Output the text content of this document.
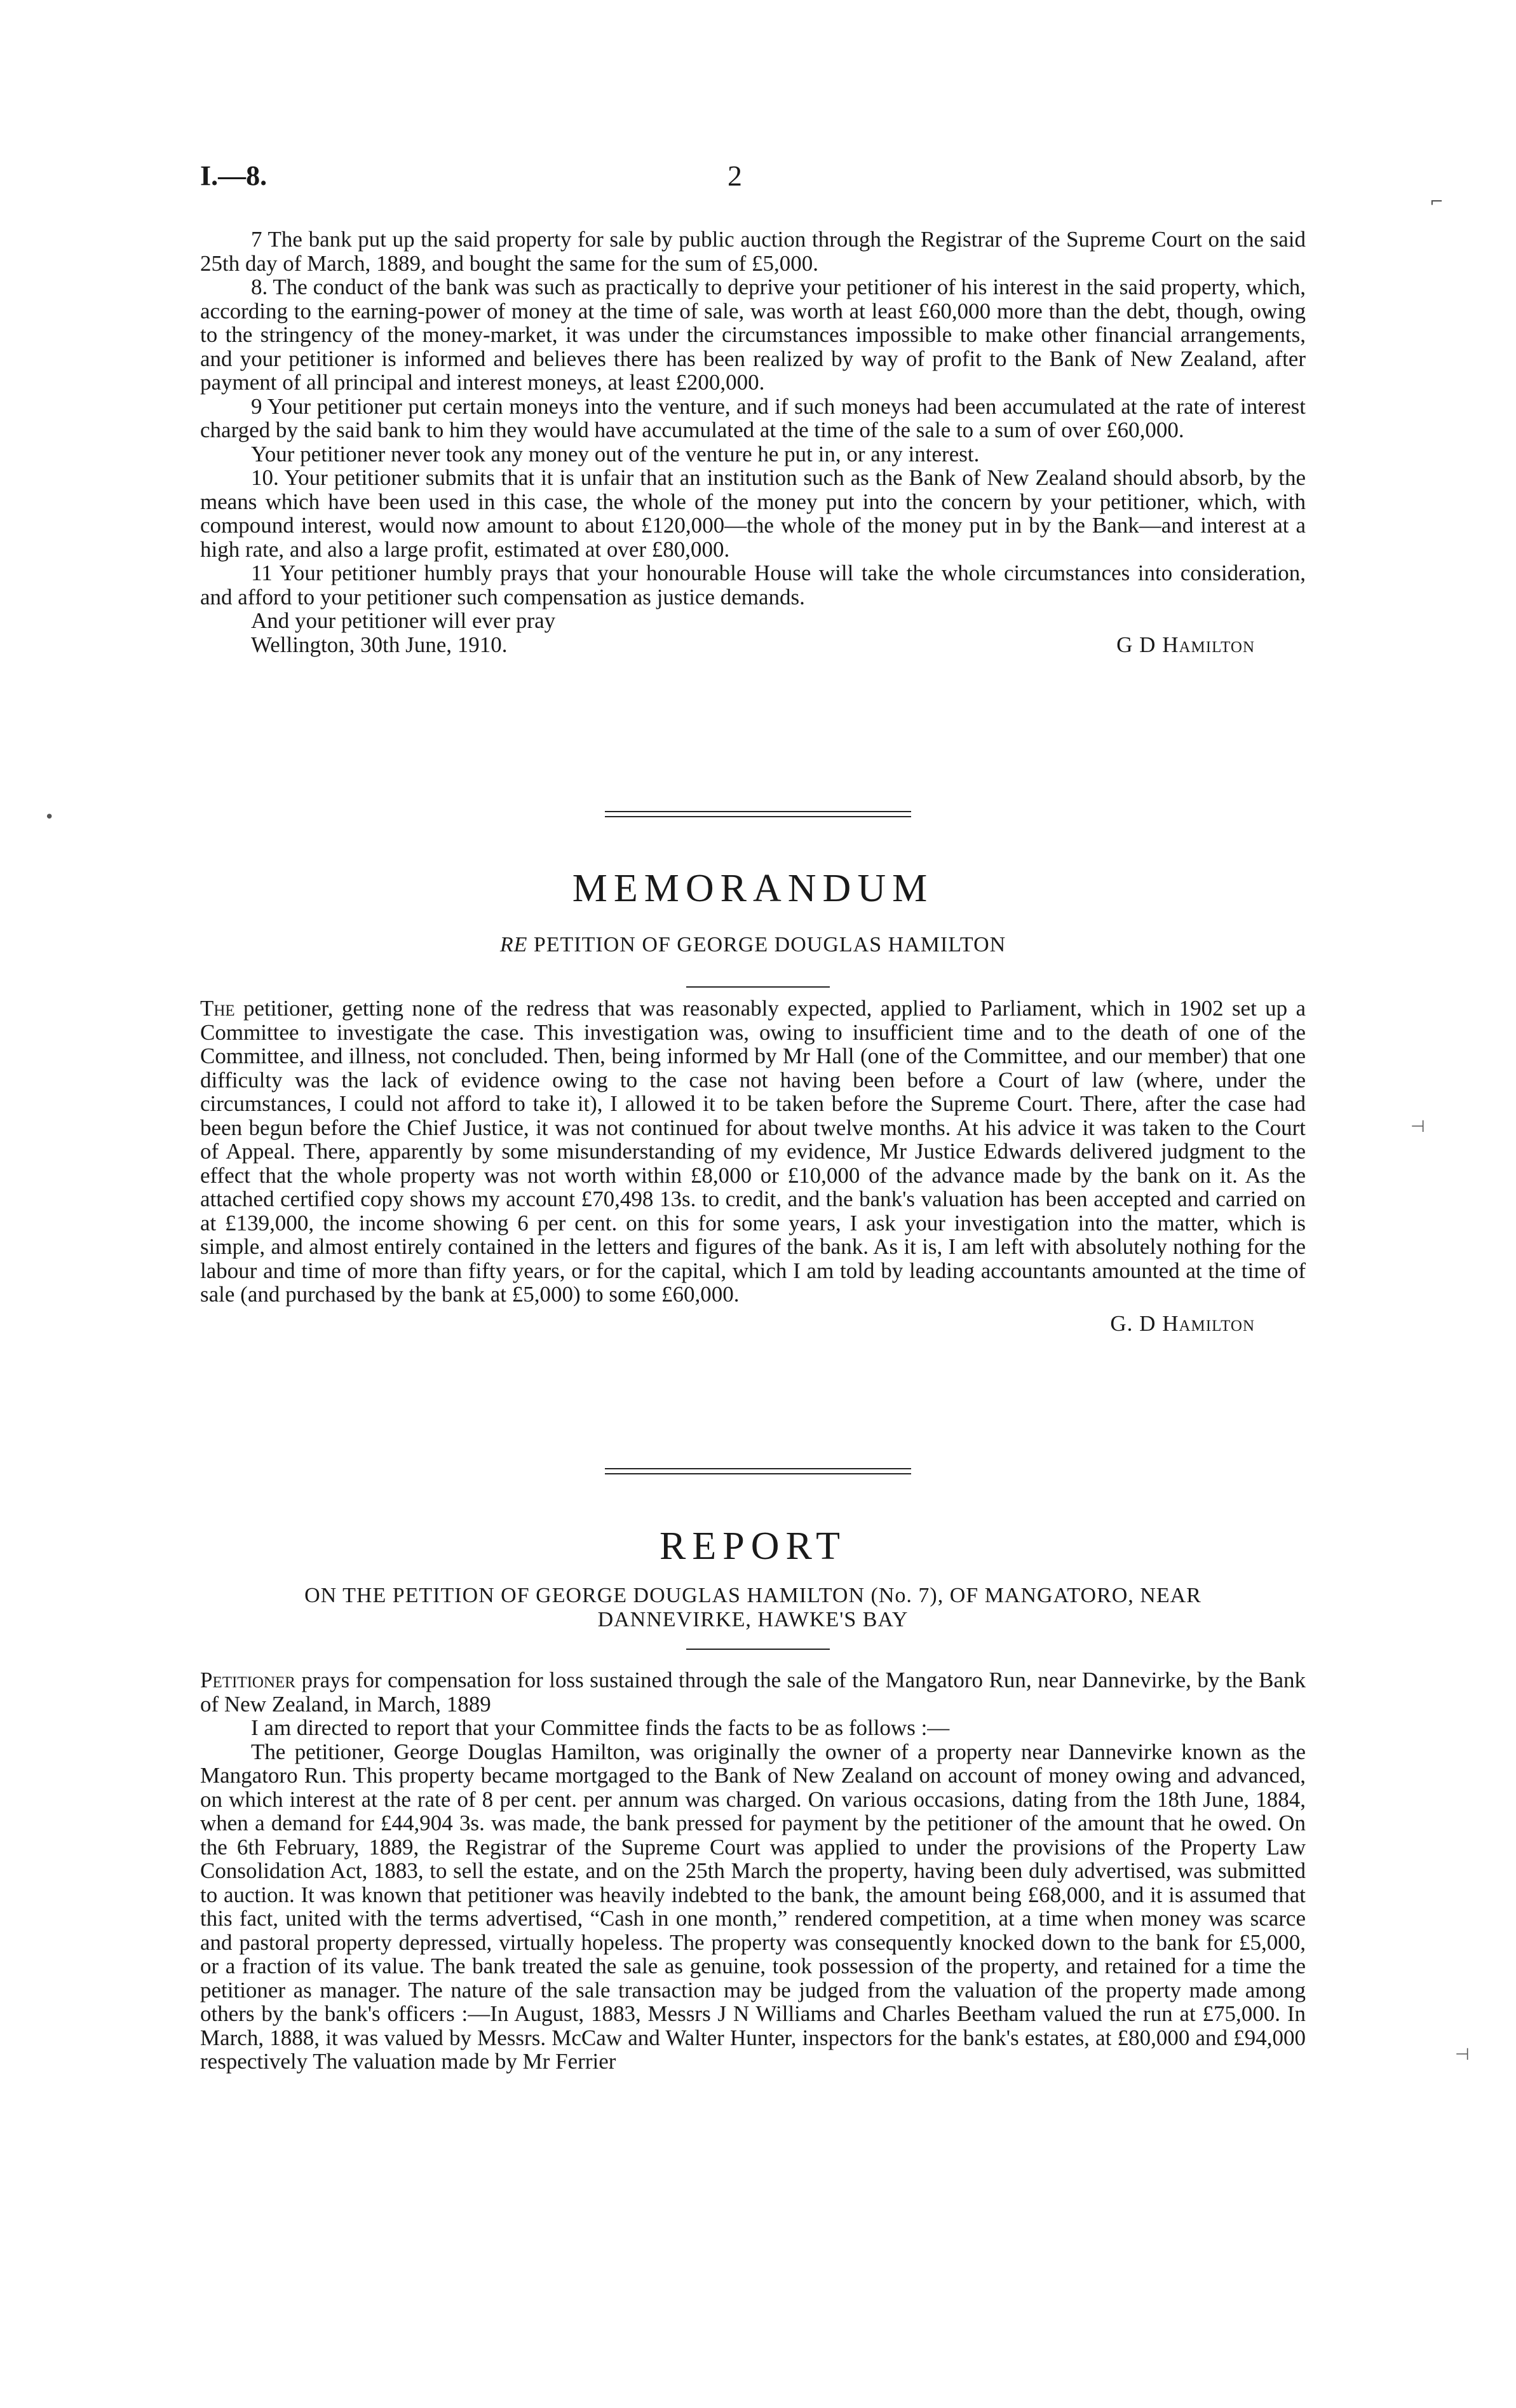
I.—8.	2

7 The bank put up the said property for sale by public auction through the Registrar of the Supreme Court on the said 25th day of March, 1889, and bought the same for the sum of £5,000.

8. The conduct of the bank was such as practically to deprive your petitioner of his interest in the said property, which, according to the earning-power of money at the time of sale, was worth at least £60,000 more than the debt, though, owing to the stringency of the money-market, it was under the circumstances impossible to make other financial arrangements, and your petitioner is informed and believes there has been realized by way of profit to the Bank of New Zealand, after payment of all principal and interest moneys, at least £200,000.

9 Your petitioner put certain moneys into the venture, and if such moneys had been accumulated at the rate of interest charged by the said bank to him they would have accumulated at the time of the sale to a sum of over £60,000.

Your petitioner never took any money out of the venture he put in, or any interest.

10. Your petitioner submits that it is unfair that an institution such as the Bank of New Zealand should absorb, by the means which have been used in this case, the whole of the money put into the concern by your petitioner, which, with compound interest, would now amount to about £120,000—the whole of the money put in by the Bank—and interest at a high rate, and also a large profit, estimated at over £80,000.

11 Your petitioner humbly prays that your honourable House will take the whole circumstances into consideration, and afford to your petitioner such compensation as justice demands.

And your petitioner will ever pray

Wellington, 30th June, 1910.	G D Hamilton
MEMORANDUM
RE PETITION OF GEORGE DOUGLAS HAMILTON

The petitioner, getting none of the redress that was reasonably expected, applied to Parliament, which in 1902 set up a Committee to investigate the case. This investigation was, owing to insufficient time and to the death of one of the Committee, and illness, not concluded. Then, being informed by Mr Hall (one of the Committee, and our member) that one difficulty was the lack of evidence owing to the case not having been before a Court of law (where, under the circumstances, I could not afford to take it), I allowed it to be taken before the Supreme Court. There, after the case had been begun before the Chief Justice, it was not continued for about twelve months. At his advice it was taken to the Court of Appeal. There, apparently by some misunderstanding of my evidence, Mr Justice Edwards delivered judgment to the effect that the whole property was not worth within £8,000 or £10,000 of the advance made by the bank on it. As the attached certified copy shows my account £70,498 13s. to credit, and the bank's valuation has been accepted and carried on at £139,000, the income showing 6 per cent. on this for some years, I ask your investigation into the matter, which is simple, and almost entirely contained in the letters and figures of the bank. As it is, I am left with absolutely nothing for the labour and time of more than fifty years, or for the capital, which I am told by leading accountants amounted at the time of sale (and purchased by the bank at £5,000) to some £60,000.

G. D Hamilton
REPORT
ON THE PETITION OF GEORGE DOUGLAS HAMILTON (No. 7), OF MANGATORO, NEAR
DANNEVIRKE, HAWKE'S BAY

Petitioner prays for compensation for loss sustained through the sale of the Mangatoro Run, near Dannevirke, by the Bank of New Zealand, in March, 1889

I am directed to report that your Committee finds the facts to be as follows :—

The petitioner, George Douglas Hamilton, was originally the owner of a property near Dannevirke known as the Mangatoro Run. This property became mortgaged to the Bank of New Zealand on account of money owing and advanced, on which interest at the rate of 8 per cent. per annum was charged. On various occasions, dating from the 18th June, 1884, when a demand for £44,904 3s. was made, the bank pressed for payment by the petitioner of the amount that he owed. On the 6th February, 1889, the Registrar of the Supreme Court was applied to under the provisions of the Property Law Consolidation Act, 1883, to sell the estate, and on the 25th March the property, having been duly advertised, was submitted to auction. It was known that petitioner was heavily indebted to the bank, the amount being £68,000, and it is assumed that this fact, united with the terms advertised, “Cash in one month,” rendered competition, at a time when money was scarce and pastoral property depressed, virtually hopeless. The property was consequently knocked down to the bank for £5,000, or a fraction of its value. The bank treated the sale as genuine, took possession of the property, and retained for a time the petitioner as manager. The nature of the sale transaction may be judged from the valuation of the property made among others by the bank's officers :—In August, 1883, Messrs J N Williams and Charles Beetham valued the run at £75,000. In March, 1888, it was valued by Messrs. McCaw and Walter Hunter, inspectors for the bank's estates, at £80,000 and £94,000 respectively The valuation made by Mr Ferrier

⌐
•
⊣
⊣
